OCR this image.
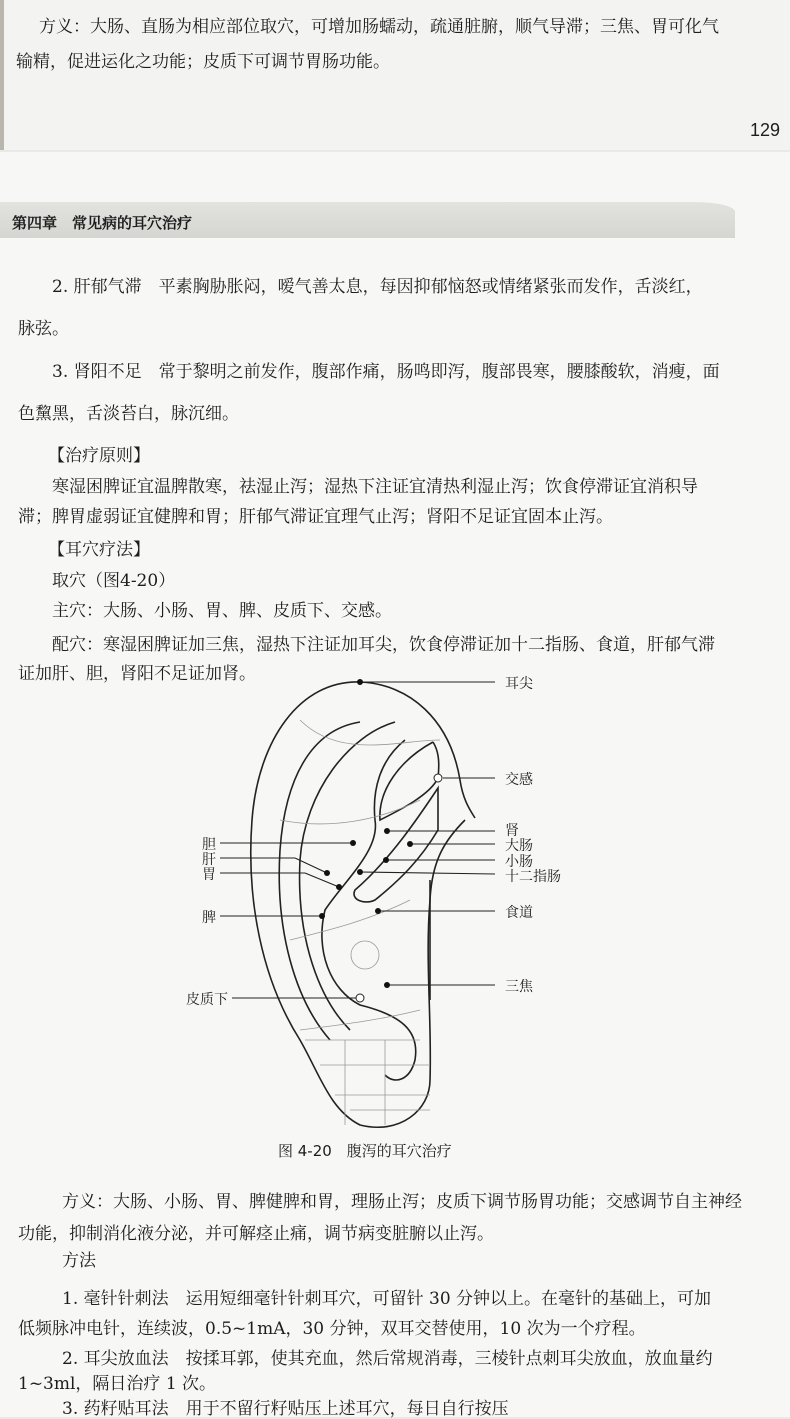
方义：大肠、直肠为相应部位取穴，可增加肠蠕动，疏通脏腑，顺气导滞；三焦、胃可化气
输精，促进运化之功能；皮质下可调节胃肠功能。
129
第四章　常见病的耳穴治疗
2. 肝郁气滞　平素胸胁胀闷，嗳气善太息，每因抑郁恼怒或情绪紧张而发作，舌淡红，
脉弦。
3. 肾阳不足　常于黎明之前发作，腹部作痛，肠鸣即泻，腹部畏寒，腰膝酸软，消瘦，面
色黧黑，舌淡苔白，脉沉细。
【治疗原则】
寒湿困脾证宜温脾散寒，祛湿止泻；湿热下注证宜清热利湿止泻；饮食停滞证宜消积导
滞；脾胃虚弱证宜健脾和胃；肝郁气滞证宜理气止泻；肾阳不足证宜固本止泻。
【耳穴疗法】
取穴（图4-20）
主穴：大肠、小肠、胃、脾、皮质下、交感。
配穴：寒湿困脾证加三焦，湿热下注证加耳尖，饮食停滞证加十二指肠、食道，肝郁气滞
证加肝、胆，肾阳不足证加肾。	耳尖
交感
肾
大肠
小肠
十二指肠
食道
三焦
胆
肝
胃
脾
皮质下
图 4-20　腹泻的耳穴治疗
方义：大肠、小肠、胃、脾健脾和胃，理肠止泻；皮质下调节肠胃功能；交感调节自主神经
功能，抑制消化液分泌，并可解痉止痛，调节病变脏腑以止泻。
方法
1. 毫针针刺法　运用短细毫针针刺耳穴，可留针 30 分钟以上。在毫针的基础上，可加
低频脉冲电针，连续波，0.5~1mA，30 分钟，双耳交替使用，10 次为一个疗程。
2. 耳尖放血法　按揉耳郭，使其充血，然后常规消毒，三棱针点刺耳尖放血，放血量约
1~3ml，隔日治疗 1 次。
3. 药籽贴耳法　用于不留行籽贴压上述耳穴，每日自行按压
